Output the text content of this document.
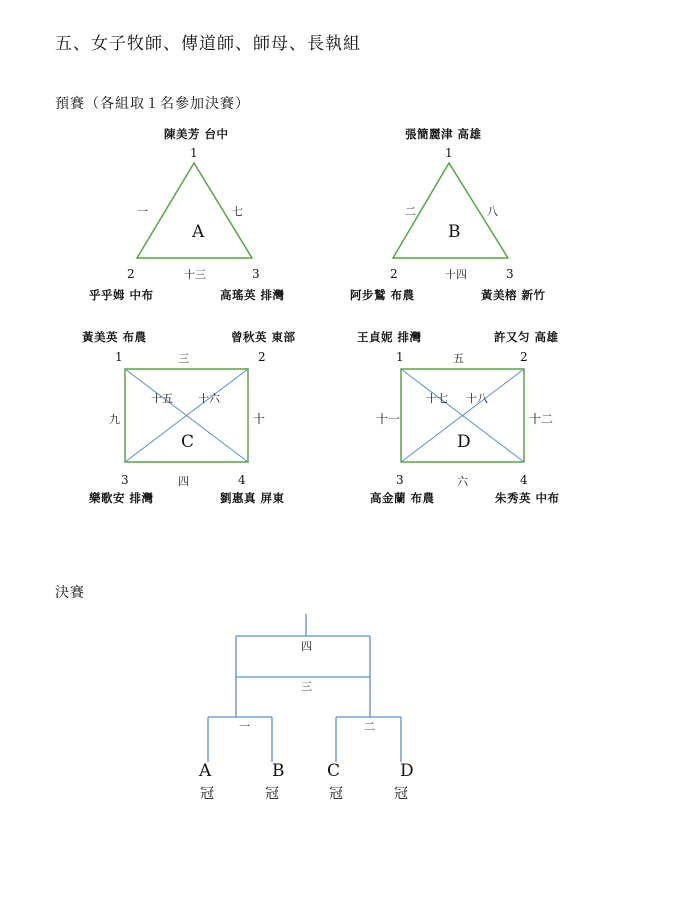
五、女子牧師、傳道師、師母、長執組
預賽（各組取１名參加決賽）
決賽
陳美芳 台中
1
一	七
A
2	十三	3
乎乎姆 中布	高瑤英 排灣
張簡麗津 高雄
1
二	八
B
2	十四	3
阿步鷲 布農	黃美榕 新竹
黃美英 布農	曾秋英 東部
1	三	2
十五 十六
九	十
C
3	四	4
樂歌安 排灣	劉惠真 屏東
王貞妮 排灣	許又匀 高雄
1	五	2
十七 十八
十一	十二
D
3	六	4
高金蘭 布農	朱秀英 中布
四
三
一	二
A	B	C	D
冠	冠	冠	冠
